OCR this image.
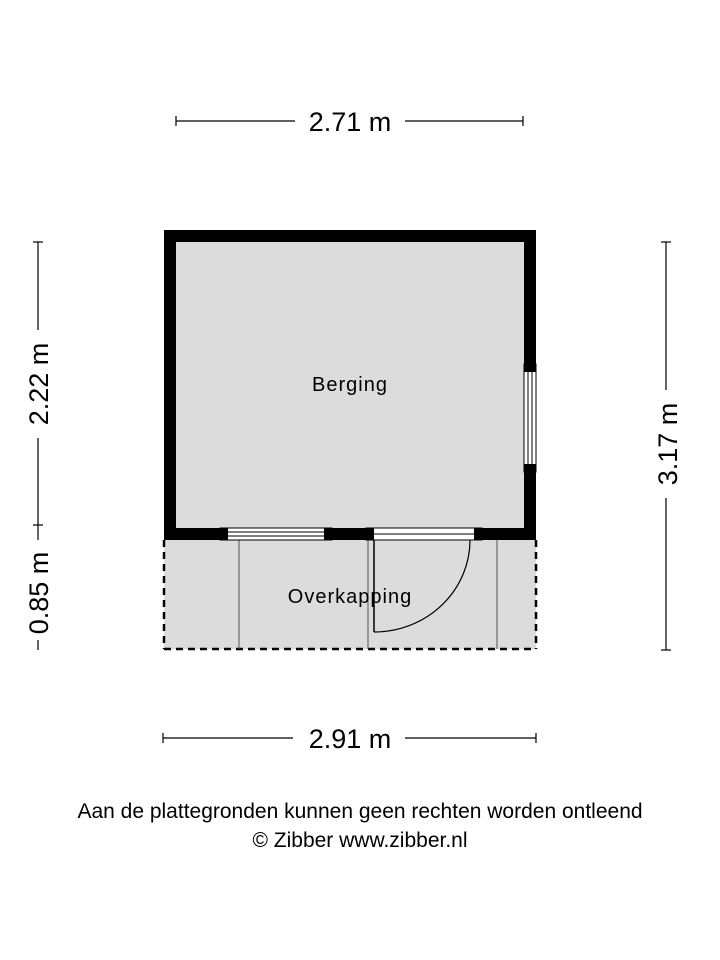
2.71 m
2.22 m
0.85 m
3.17 m
Berging
Overkapping
2.91 m
Aan de plattegronden kunnen geen rechten worden ontleend
© Zibber www.zibber.nl
